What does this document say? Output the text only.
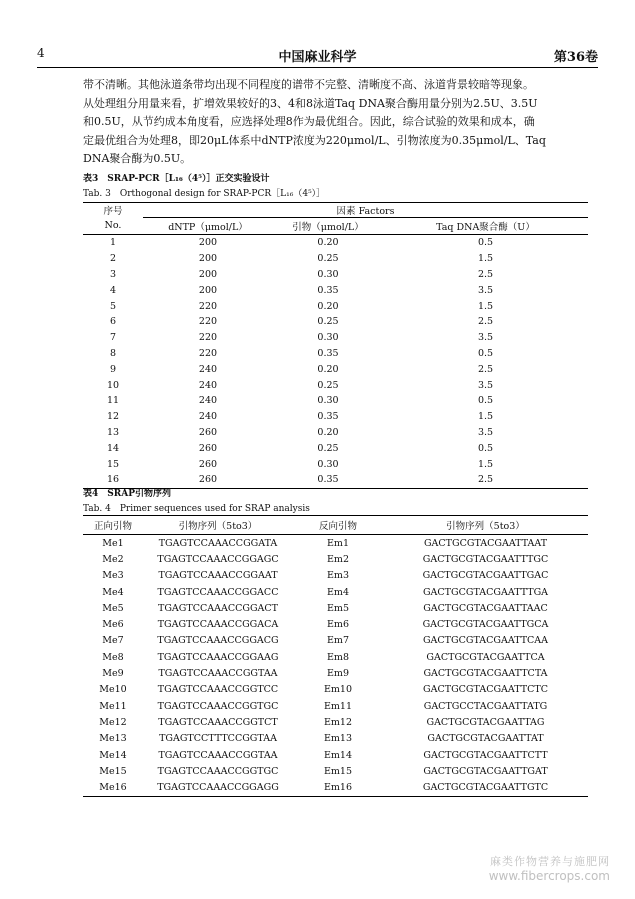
4	中国麻业科学	第36卷

带不清晰。其他泳道条带均出现不同程度的谱带不完整、清晰度不高、泳道背景较暗等现象。

从处理组分用量来看，扩增效果较好的3、4和8泳道Taq DNA聚合酶用量分别为2.5U、3.5U

和0.5U，从节约成本角度看，应选择处理8作为最优组合。因此，综合试验的效果和成本，确

定最优组合为处理8，即20μL体系中dNTP浓度为220μmol/L、引物浓度为0.35μmol/L、Taq

DNA聚合酶为0.5U。

表3　SRAP-PCR［L₁₆（4⁵）］正交实验设计
Tab. 3　Orthogonal design for SRAP-PCR［L₁₆（4⁵）］
序号	因素 Factors		
No.	dNTP（μmol/L）	引物（μmol/L）	Taq DNA聚合酶（U）
1	200	0.20	0.5
2	200	0.25	1.5
3	200	0.30	2.5
4	200	0.35	3.5
5	220	0.20	1.5
6	220	0.25	2.5
7	220	0.30	3.5
8	220	0.35	0.5
9	240	0.20	2.5
10	240	0.25	3.5
11	240	0.30	0.5
12	240	0.35	1.5
13	260	0.20	3.5
14	260	0.25	0.5
15	260	0.30	1.5
16	260	0.35	2.5
表4　SRAP引物序列
Tab. 4　Primer sequences used for SRAP analysis
正向引物	引物序列（5to3）	反向引物	引物序列（5to3）
Me1	TGAGTCCAAACCGGATA	Em1	GACTGCGTACGAATTAAT
Me2	TGAGTCCAAACCGGAGC	Em2	GACTGCGTACGAATTTGC
Me3	TGAGTCCAAACCGGAAT	Em3	GACTGCGTACGAATTGAC
Me4	TGAGTCCAAACCGGACC	Em4	GACTGCGTACGAATTTGA
Me5	TGAGTCCAAACCGGACT	Em5	GACTGCGTACGAATTAAC
Me6	TGAGTCCAAACCGGACA	Em6	GACTGCGTACGAATTGCA
Me7	TGAGTCCAAACCGGACG	Em7	GACTGCGTACGAATTCAA
Me8	TGAGTCCAAACCGGAAG	Em8	GACTGCGTACGAATTCA
Me9	TGAGTCCAAACCGGTAA	Em9	GACTGCGTACGAATTCTA
Me10	TGAGTCCAAACCGGTCC	Em10	GACTGCGTACGAATTCTC
Me11	TGAGTCCAAACCGGTGC	Em11	GACTGCCTACGAATTATG
Me12	TGAGTCCAAACCGGTCT	Em12	GACTGCGTACGAATTAG
Me13	TGAGTCCTTTCCGGTAA	Em13	GACTGCGTACGAATTAT
Me14	TGAGTCCAAACCGGTAA	Em14	GACTGCGTACGAATTCTT
Me15	TGAGTCCAAACCGGTGC	Em15	GACTGCGTACGAATTGAT
Me16	TGAGTCCAAACCGGAGG	Em16	GACTGCGTACGAATTGTC
麻类作物营养与施肥网
www.fibercrops.com
